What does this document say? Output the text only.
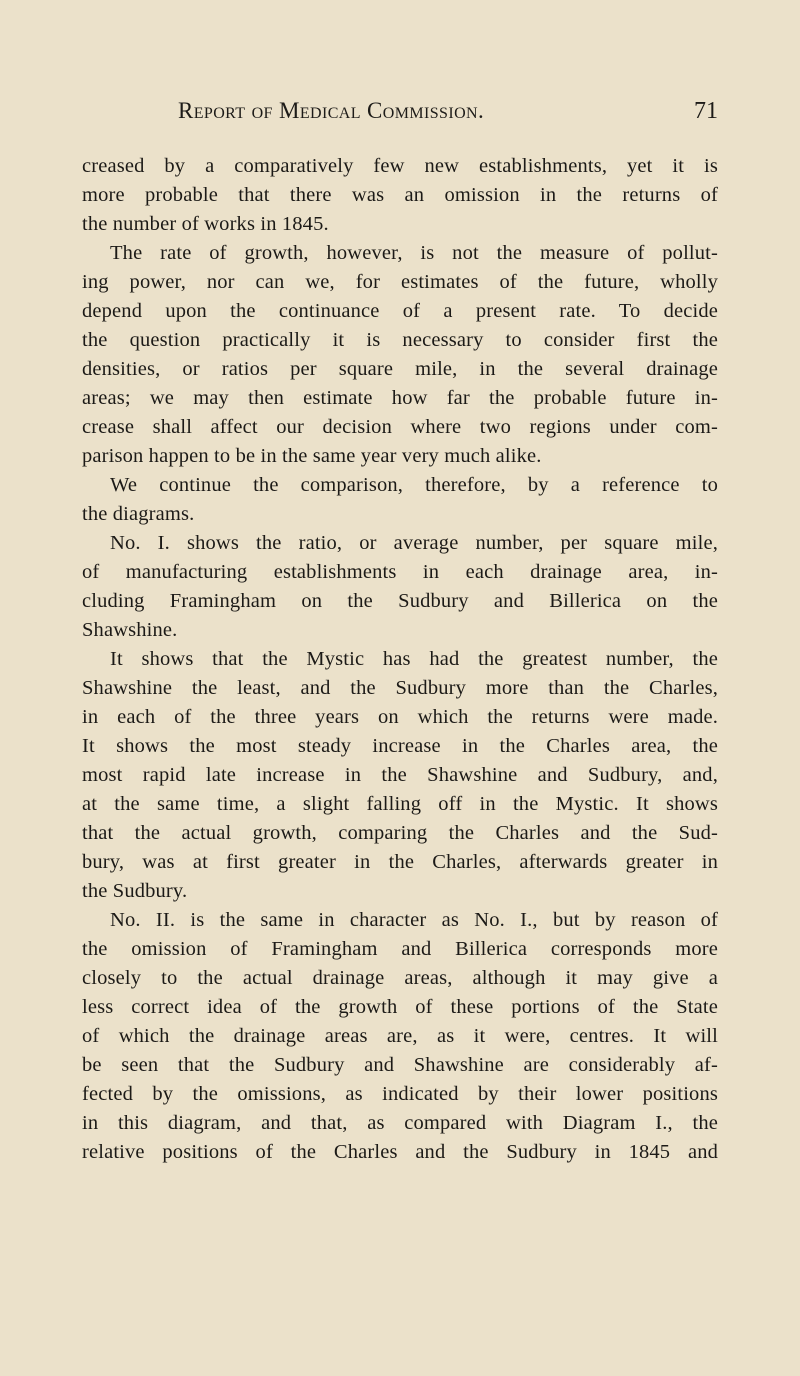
Report of Medical Commission.	71
creased by a comparatively few new establishments, yet it is
more probable that there was an omission in the returns of
the number of works in 1845.
The rate of growth, however, is not the measure of pollut-
ing power, nor can we, for estimates of the future, wholly
depend upon the continuance of a present rate. To decide
the question practically it is necessary to consider first the
densities, or ratios per square mile, in the several drainage
areas; we may then estimate how far the probable future in-
crease shall affect our decision where two regions under com-
parison happen to be in the same year very much alike.
We continue the comparison, therefore, by a reference to
the diagrams.
No. I. shows the ratio, or average number, per square mile,
of manufacturing establishments in each drainage area, in-
cluding Framingham on the Sudbury and Billerica on the
Shawshine.
It shows that the Mystic has had the greatest number, the
Shawshine the least, and the Sudbury more than the Charles,
in each of the three years on which the returns were made.
It shows the most steady increase in the Charles area, the
most rapid late increase in the Shawshine and Sudbury, and,
at the same time, a slight falling off in the Mystic. It shows
that the actual growth, comparing the Charles and the Sud-
bury, was at first greater in the Charles, afterwards greater in
the Sudbury.
No. II. is the same in character as No. I., but by reason of
the omission of Framingham and Billerica corresponds more
closely to the actual drainage areas, although it may give a
less correct idea of the growth of these portions of the State
of which the drainage areas are, as it were, centres. It will
be seen that the Sudbury and Shawshine are considerably af-
fected by the omissions, as indicated by their lower positions
in this diagram, and that, as compared with Diagram I., the
relative positions of the Charles and the Sudbury in 1845 and
